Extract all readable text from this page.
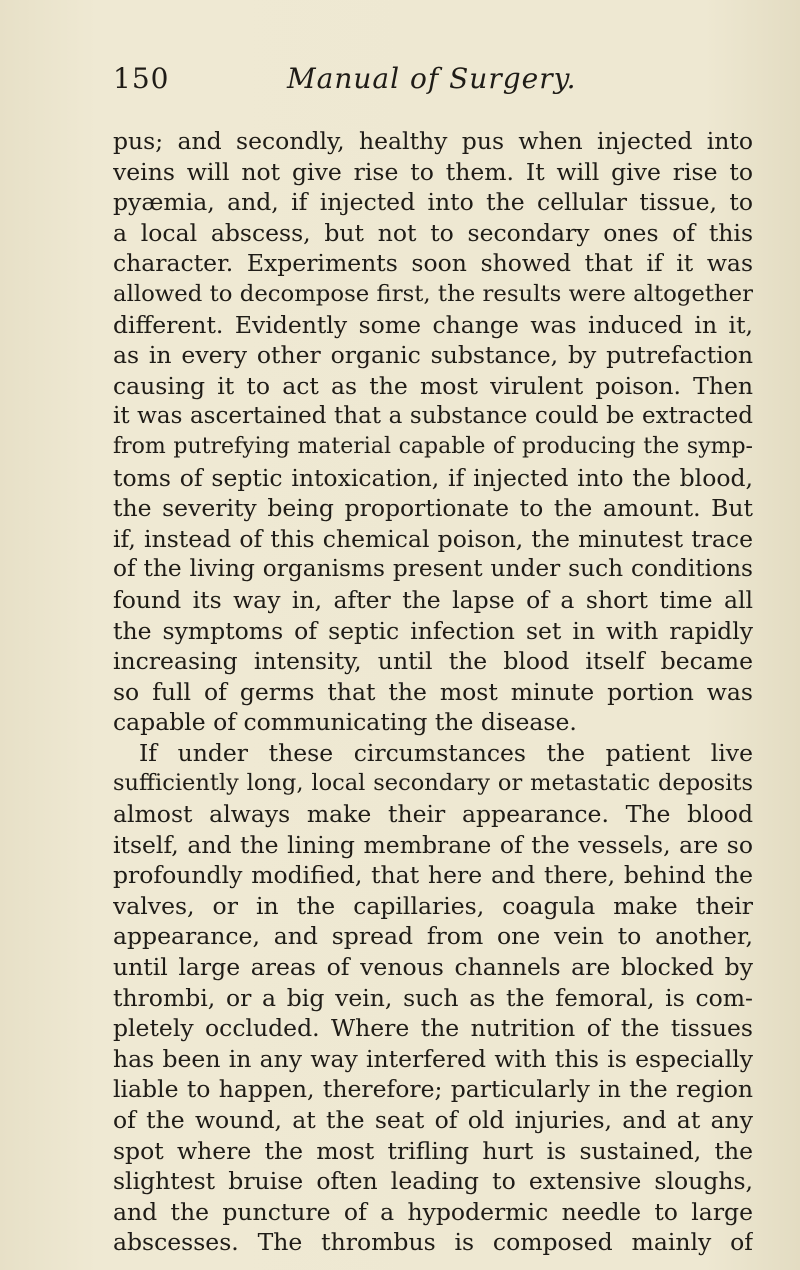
150	Manual of Surgery.
pus; and secondly, healthy pus when injected into
veins will not give rise to them. It will give rise to
pyæmia, and, if injected into the cellular tissue, to
a local abscess, but not to secondary ones of this
character. Experiments soon showed that if it was
allowed to decompose first, the results were altogether
different. Evidently some change was induced in it,
as in every other organic substance, by putrefaction
causing it to act as the most virulent poison. Then
it was ascertained that a substance could be extracted
from putrefying material capable of producing the symp-
toms of septic intoxication, if injected into the blood,
the severity being proportionate to the amount. But
if, instead of this chemical poison, the minutest trace
of the living organisms present under such conditions
found its way in, after the lapse of a short time all
the symptoms of septic infection set in with rapidly
increasing intensity, until the blood itself became
so full of germs that the most minute portion was
capable of communicating the disease.
If under these circumstances the patient live
sufficiently long, local secondary or metastatic deposits
almost always make their appearance. The blood
itself, and the lining membrane of the vessels, are so
profoundly modified, that here and there, behind the
valves, or in the capillaries, coagula make their
appearance, and spread from one vein to another,
until large areas of venous channels are blocked by
thrombi, or a big vein, such as the femoral, is com-
pletely occluded. Where the nutrition of the tissues
has been in any way interfered with this is especially
liable to happen, therefore; particularly in the region
of the wound, at the seat of old injuries, and at any
spot where the most trifling hurt is sustained, the
slightest bruise often leading to extensive sloughs,
and the puncture of a hypodermic needle to large
abscesses. The thrombus is composed mainly of
